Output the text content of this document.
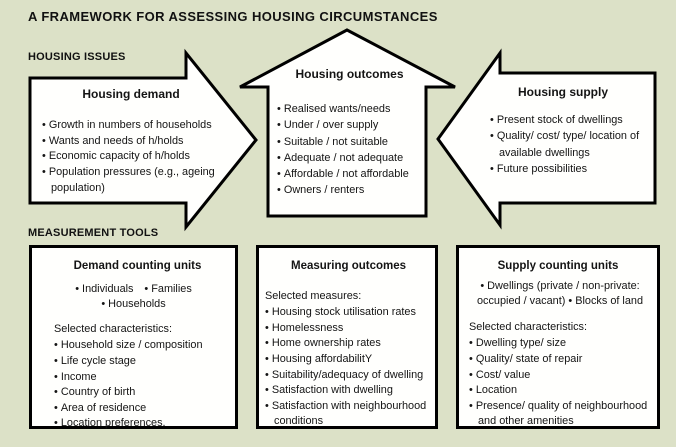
A FRAMEWORK FOR ASSESSING HOUSING CIRCUMSTANCES
HOUSING ISSUES
MEASUREMENT TOOLS
Housing demand
• Growth in numbers of households
• Wants and needs of h/holds
• Economic capacity of h/holds
• Population pressures (e.g., ageing population)
Housing outcomes
• Realised wants/needs
• Under / over supply
• Suitable / not suitable
• Adequate / not adequate
• Affordable / not affordable
• Owners / renters
Housing supply
• Present stock of dwellings
• Quality/ cost/ type/ location of available dwellings
• Future possibilities
Demand counting units
• Individuals • Families
• Households
Selected characteristics:
• Household size / composition
• Life cycle stage
• Income
• Country of birth
• Area of residence
• Location preferences.
Measuring outcomes
Selected measures:
• Housing stock utilisation rates
• Homelessness
• Home ownership rates
• Housing affordabilitY
• Suitability/adequacy of dwelling
• Satisfaction with dwelling
• Satisfaction with neighbourhood conditions
Supply counting units
• Dwellings (private / non-private: occupied / vacant) • Blocks of land
Selected characteristics:
• Dwelling type/ size
• Quality/ state of repair
• Cost/ value
• Location
• Presence/ quality of neighbourhood and other amenities
